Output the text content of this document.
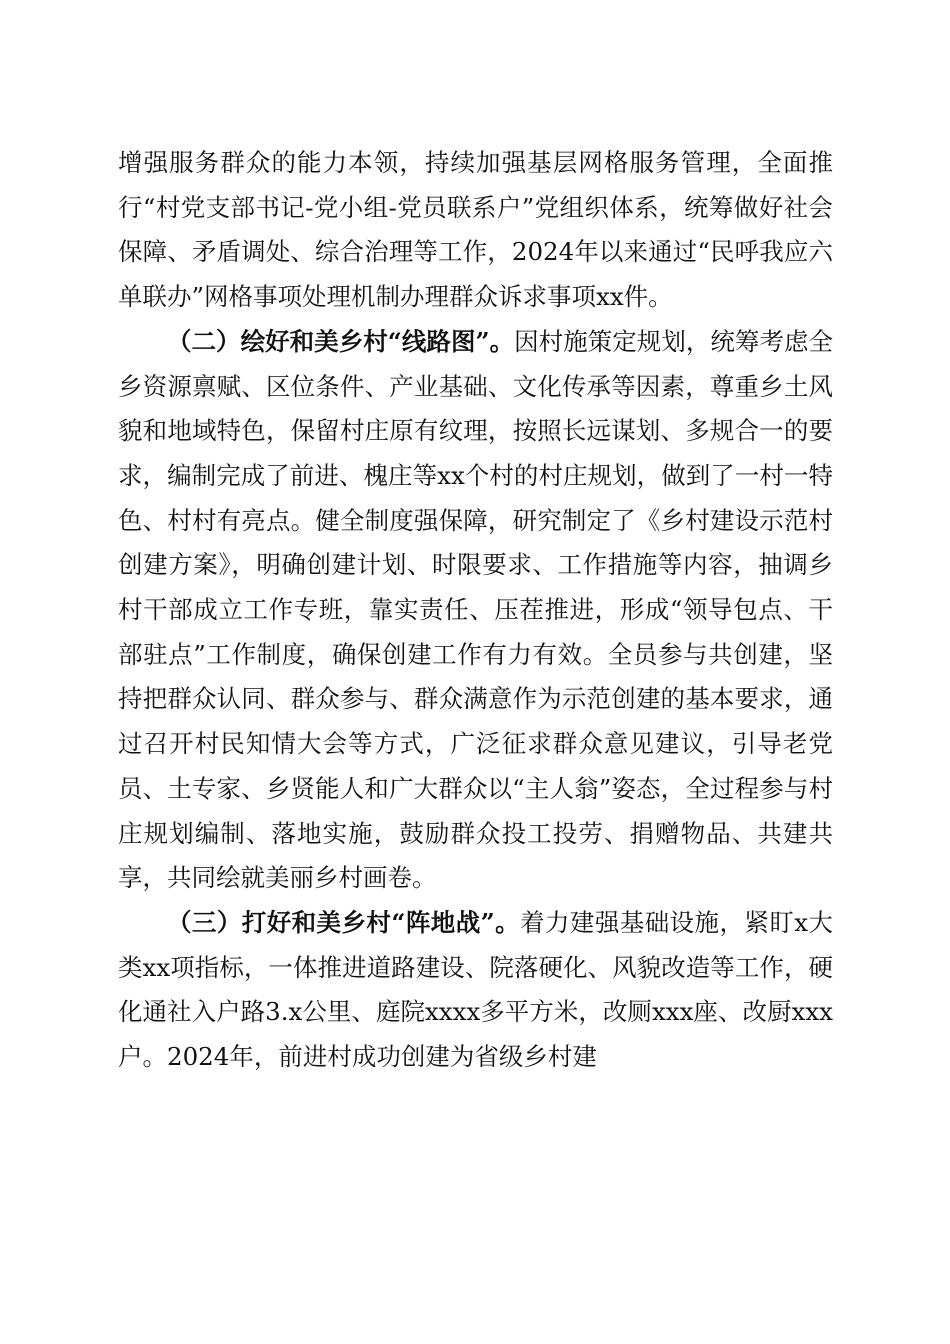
增强服务群众的能力本领，持续加强基层网格服务管理，全面推行“村党支部书记-党小组-党员联系户”党组织体系，统筹做好社会保障、矛盾调处、综合治理等工作，2024年以来通过“民呼我应六单联办”网格事项处理机制办理群众诉求事项xx件。

（二）绘好和美乡村“线路图”。因村施策定规划，统筹考虑全乡资源禀赋、区位条件、产业基础、文化传承等因素，尊重乡土风貌和地域特色，保留村庄原有纹理，按照长远谋划、多规合一的要求，编制完成了前进、槐庄等xx个村的村庄规划，做到了一村一特色、村村有亮点。健全制度强保障，研究制定了《乡村建设示范村创建方案》，明确创建计划、时限要求、工作措施等内容，抽调乡村干部成立工作专班，靠实责任、压茬推进，形成“领导包点、干部驻点”工作制度，确保创建工作有力有效。全员参与共创建，坚持把群众认同、群众参与、群众满意作为示范创建的基本要求，通过召开村民知情大会等方式，广泛征求群众意见建议，引导老党员、土专家、乡贤能人和广大群众以“主人翁”姿态，全过程参与村庄规划编制、落地实施，鼓励群众投工投劳、捐赠物品、共建共享，共同绘就美丽乡村画卷。

（三）打好和美乡村“阵地战”。着力建强基础设施，紧盯x大类xx项指标，一体推进道路建设、院落硬化、风貌改造等工作，硬化通社入户路3.x公里、庭院xxxx多平方米，改厕xxx座、改厨xxx户。2024年，前进村成功创建为省级乡村建
